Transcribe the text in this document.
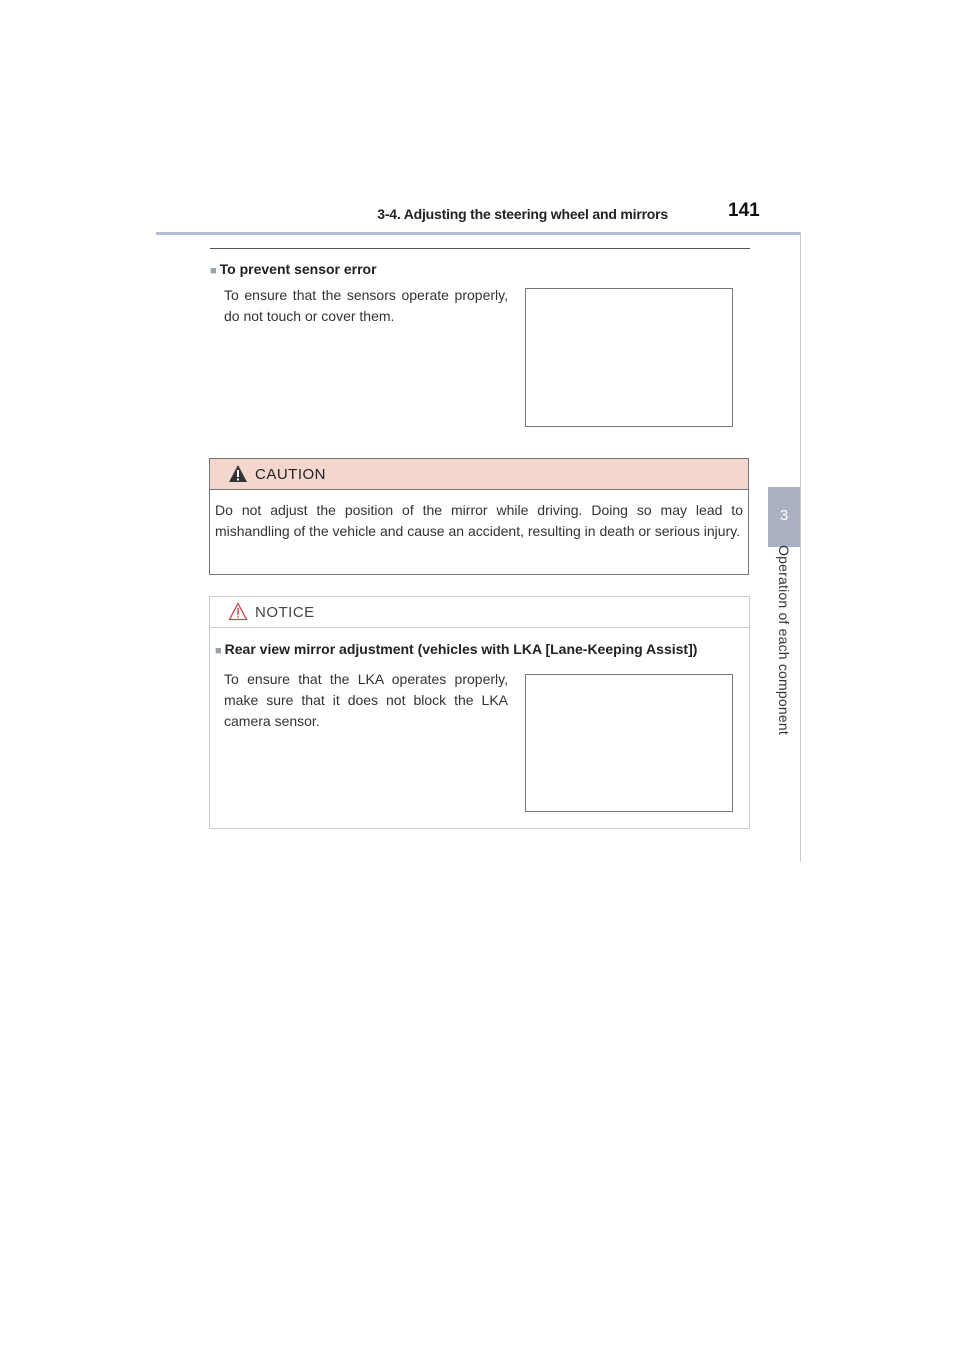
3-4. Adjusting the steering wheel and mirrors	141
3
Operation of each component
■ To prevent sensor error
To ensure that the sensors operate properly, do not touch or cover them.
CAUTION
Do not adjust the position of the mirror while driving. Doing so may lead to mishandling of the vehicle and cause an accident, resulting in death or serious injury.
NOTICE
■ Rear view mirror adjustment (vehicles with LKA [Lane-Keeping Assist])
To ensure that the LKA operates properly, make sure that it does not block the LKA camera sensor.
